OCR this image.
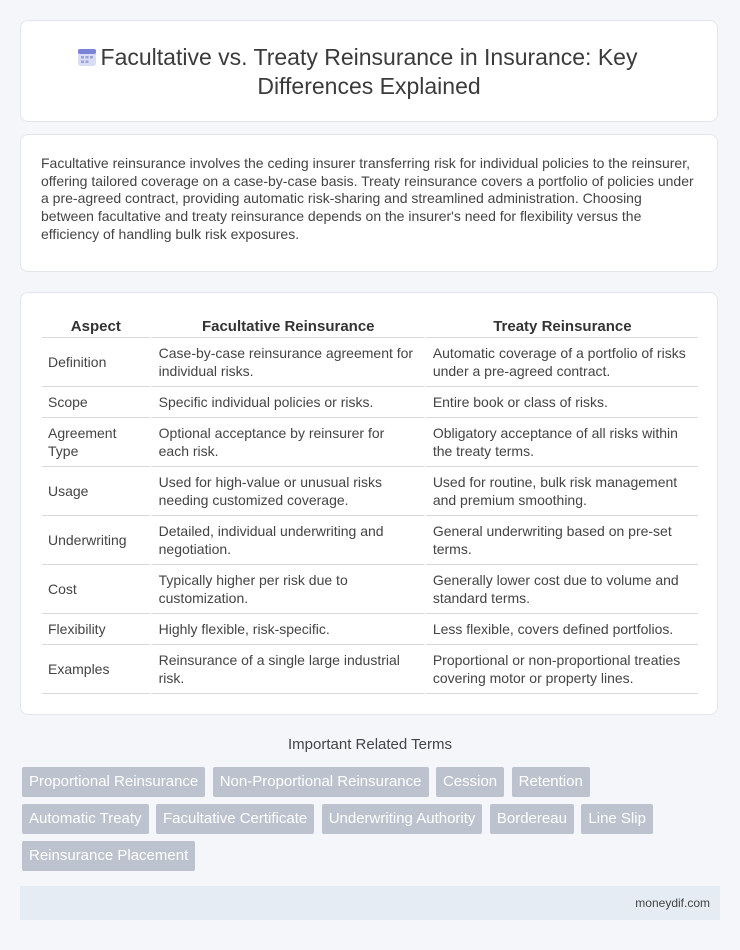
Facultative vs. Treaty Reinsurance in Insurance: Key Differences Explained

Facultative reinsurance involves the ceding insurer transferring risk for individual policies to the reinsurer, offering tailored coverage on a case-by-case basis. Treaty reinsurance covers a portfolio of policies under a pre-agreed contract, providing automatic risk-sharing and streamlined administration. Choosing between facultative and treaty reinsurance depends on the insurer's need for flexibility versus the efficiency of handling bulk risk exposures.

Aspect	Facultative Reinsurance	Treaty Reinsurance
Definition	Case-by-case reinsurance agreement for individual risks.	Automatic coverage of a portfolio of risks under a pre-agreed contract.
Scope	Specific individual policies or risks.	Entire book or class of risks.
Agreement Type	Optional acceptance by reinsurer for each risk.	Obligatory acceptance of all risks within the treaty terms.
Usage	Used for high-value or unusual risks needing customized coverage.	Used for routine, bulk risk management and premium smoothing.
Underwriting	Detailed, individual underwriting and negotiation.	General underwriting based on pre-set terms.
Cost	Typically higher per risk due to customization.	Generally lower cost due to volume and standard terms.
Flexibility	Highly flexible, risk-specific.	Less flexible, covers defined portfolios.
Examples	Reinsurance of a single large industrial risk.	Proportional or non-proportional treaties covering motor or property lines.
Important Related Terms
Proportional Reinsurance Non-Proportional Reinsurance Cession Retention Automatic Treaty Facultative Certificate Underwriting Authority Bordereau Line Slip Reinsurance Placement
moneydif.com
